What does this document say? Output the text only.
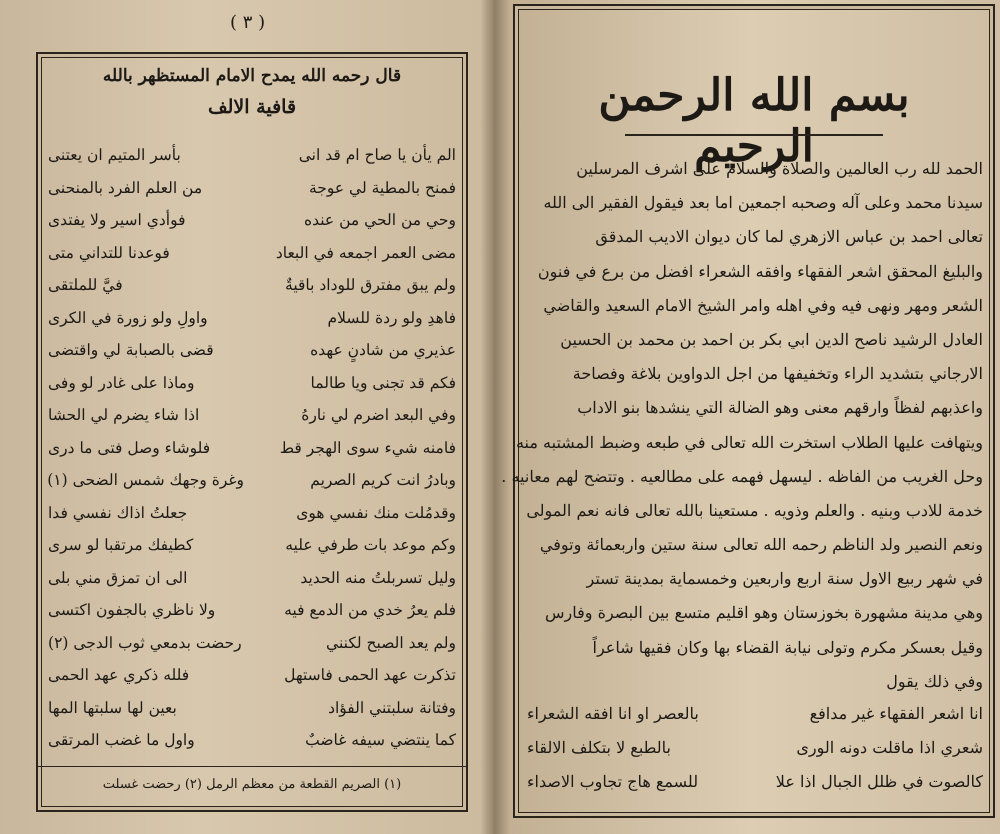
( ٣ )
قال رحمه الله يمدح الامام المستظهر بالله
قافية الالف
الم يأن يا صاح ام قد انى
بأسر المتيم ان يعتنى
فمنح بالمطية لي عوجة
من العلم الفرد بالمنحنى
وحي من الحي من عنده
فوأدي اسير ولا يفتدى
مضى العمر اجمعه في البعاد
فوعدنا للتداني متى
ولم يبق مفترق للوداد باقيةٌ
فيَّ للملتقى
فاهدِ ولو ردة للسلام
واولِ ولو زورة في الكرى
عذيري من شادنٍ عهده
قضى بالصبابة لي واقتضى
فكم قد تجنى ويا طالما
وماذا على غادر لو وفى
وفي البعد اضرم لي نارهُ
اذا شاء يضرم لي الحشا
فامنه شيء سوى الهجر قط
فلوشاء وصل فتى ما درى
وبادرُ انت كريم الصريم
وغرة وجهك شمس الضحى (١)
وقدمُلت منك نفسي هوى
جعلتُ اذاك نفسي فدا
وكم موعد بات طرفي عليه
كطيفك مرتقبا لو سرى
وليل تسربلتُ منه الحديد
الى ان تمزق مني بلى
فلم يعرُ خدي من الدمع فيه
ولا ناظري بالجفون اكتسى
ولم يعد الصبح لكنني
رحضت بدمعي ثوب الدجى (٢)
تذكرت عهد الحمى فاستهل
فلله ذكري عهد الحمى
وفتانة سلبتني الفؤاد
بعين لها سلبتها المها
كما ينتضي سيفه غاضبٌ
واول ما غضب المرتقى
(١) الصريم القطعة من معظم الرمل (٢) رحضت غسلت
بسم الله الرحمن الرحيم
الحمد لله رب العالمين والصلاة والسلام على اشرف المرسلين
سيدنا محمد وعلى آله وصحبه اجمعين اما بعد فيقول الفقير الى الله
تعالى احمد بن عباس الازهري لما كان ديوان الاديب المدقق
والبليغ المحقق اشعر الفقهاء وافقه الشعراء افضل من برع في فنون
الشعر ومهر ونهى فيه وفي اهله وامر الشيخ الامام السعيد والقاضي
العادل الرشيد ناصح الدين ابي بكر بن احمد بن محمد بن الحسين
الارجاني بتشديد الراء وتخفيفها من اجل الدواوين بلاغة وفصاحة
واعذبهم لفظاً وارقهم معنى وهو الضالة التي ينشدها بنو الاداب
ويتهافت عليها الطلاب استخرت الله تعالى في طبعه وضبط المشتبه منه
وحل الغريب من الفاظه . ليسهل فهمه على مطالعيه . وتتضح لهم معانيه .
خدمة للادب وبنيه . والعلم وذويه . مستعينا بالله تعالى فانه نعم المولى
ونعم النصير ولد الناظم رحمه الله تعالى سنة ستين واربعمائة وتوفي
في شهر ربيع الاول سنة اربع واربعين وخمسماية بمدينة تستر
وهي مدينة مشهورة بخوزستان وهو اقليم متسع بين البصرة وفارس
وقيل بعسكر مكرم وتولى نيابة القضاء بها وكان فقيها شاعراً
وفي ذلك يقول
انا اشعر الفقهاء غير مدافع
بالعصر او انا افقه الشعراء
شعري اذا ماقلت دونه الورى
بالطبع لا بتكلف الالقاء
كالصوت في ظلل الجبال اذا علا
للسمع هاج تجاوب الاصداء
